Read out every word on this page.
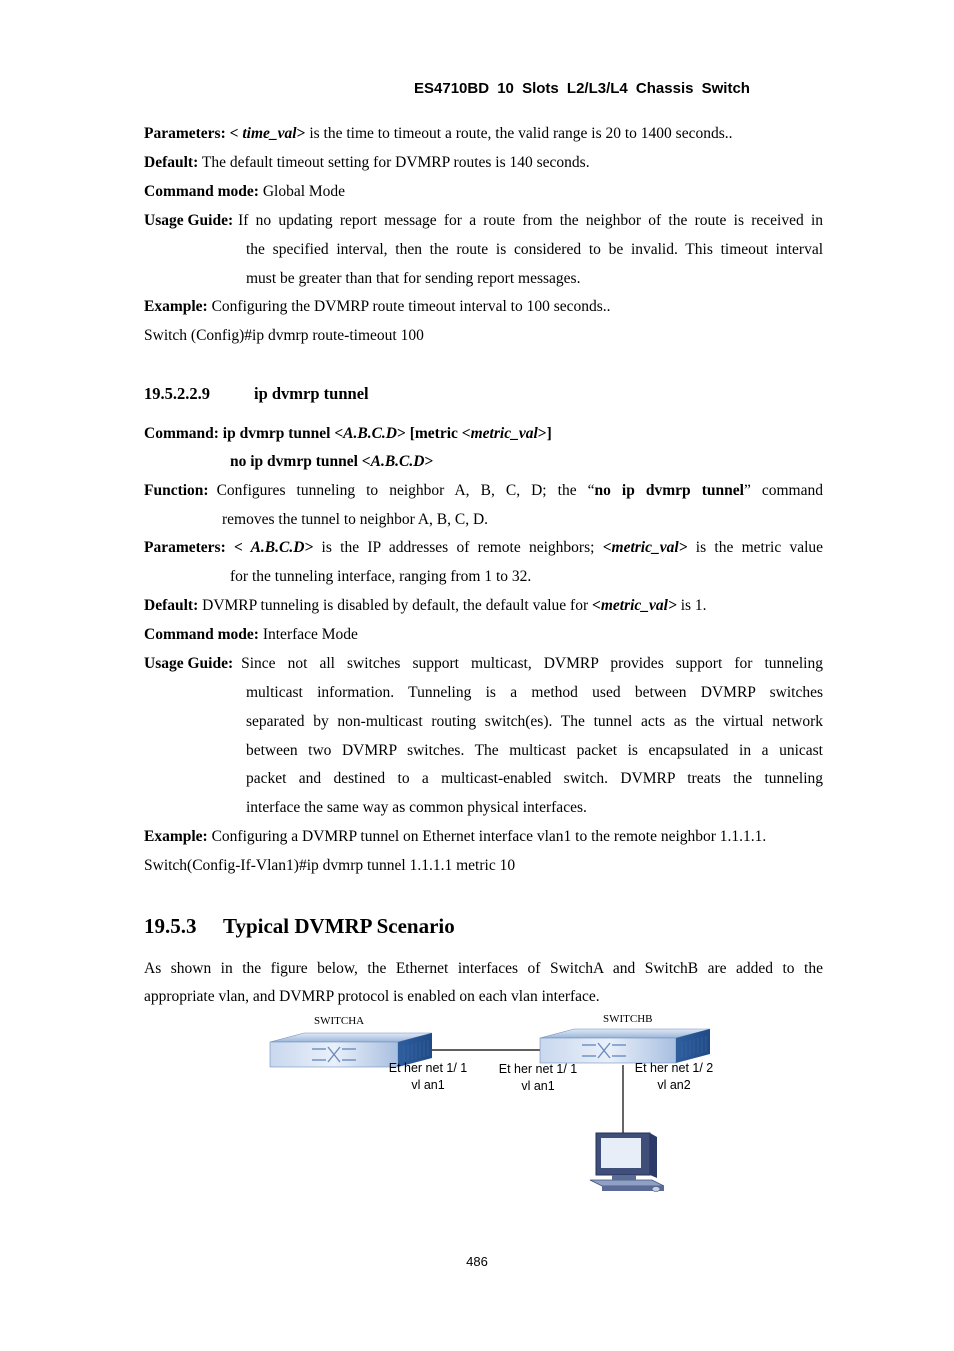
ES4710BD 10 Slots L2/L3/L4 Chassis Switch
Parameters: < time_val> is the time to timeout a route, the valid range is 20 to 1400 seconds..
Default: The default timeout setting for DVMRP routes is 140 seconds.
Command mode: Global Mode
Usage Guide: If no updating report message for a route from the neighbor of the route is received in
the specified interval, then the route is considered to be invalid. This timeout interval
must be greater than that for sending report messages.
Example: Configuring the DVMRP route timeout interval to 100 seconds..
Switch (Config)#ip dvmrp route-timeout 100
19.5.2.2.9	ip dvmrp tunnel
Command: ip dvmrp tunnel <A.B.C.D> [metric <metric_val>]
no ip dvmrp tunnel <A.B.C.D>
Function: Configures tunneling to neighbor A, B, C, D; the “no ip dvmrp tunnel” command
removes the tunnel to neighbor A, B, C, D.
Parameters: < A.B.C.D> is the IP addresses of remote neighbors; <metric_val> is the metric value
for the tunneling interface, ranging from 1 to 32.
Default: DVMRP tunneling is disabled by default, the default value for <metric_val> is 1.
Command mode: Interface Mode
Usage Guide: Since not all switches support multicast, DVMRP provides support for tunneling
multicast information. Tunneling is a method used between DVMRP switches
separated by non-multicast routing switch(es). The tunnel acts as the virtual network
between two DVMRP switches. The multicast packet is encapsulated in a unicast
packet and destined to a multicast-enabled switch. DVMRP treats the tunneling
interface the same way as common physical interfaces.
Example: Configuring a DVMRP tunnel on Ethernet interface vlan1 to the remote neighbor 1.1.1.1.
Switch(Config-If-Vlan1)#ip dvmrp tunnel 1.1.1.1 metric 10
19.5.3 Typical DVMRP Scenario
As shown in the figure below, the Ethernet interfaces of SwitchA and SwitchB are added to the
appropriate vlan, and DVMRP protocol is enabled on each vlan interface.
SWITCHA	SWITCHB
Et her net 1/ 1
vl an1
Et her net 1/ 1
vl an1
Et her net 1/ 2
vl an2
486
